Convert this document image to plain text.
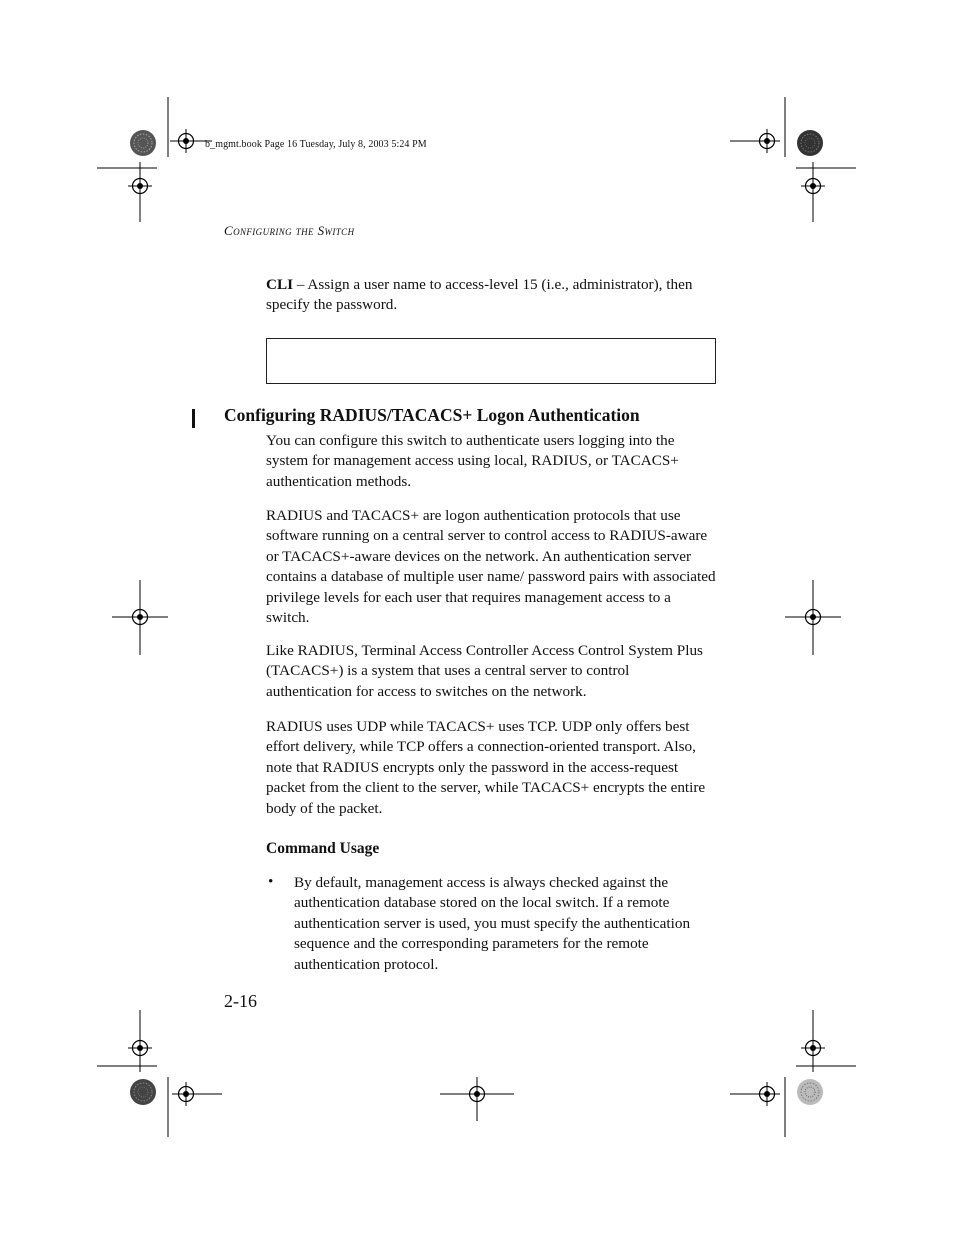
b_mgmt.book Page 16 Tuesday, July 8, 2003 5:24 PM
Configuring the Switch
CLI – Assign a user name to access-level 15 (i.e., administrator), then specify the password.
Configuring RADIUS/TACACS+ Logon Authentication

You can configure this switch to authenticate users logging into the system for management access using local, RADIUS, or TACACS+ authentication methods.

RADIUS and TACACS+ are logon authentication protocols that use software running on a central server to control access to RADIUS-aware or TACACS+-aware devices on the network. An authentication server contains a database of multiple user name/ password pairs with associated privilege levels for each user that requires management access to a switch.

Like RADIUS, Terminal Access Controller Access Control System Plus (TACACS+) is a system that uses a central server to control authentication for access to switches on the network.

RADIUS uses UDP while TACACS+ uses TCP. UDP only offers best effort delivery, while TCP offers a connection-oriented transport. Also, note that RADIUS encrypts only the password in the access-request packet from the client to the server, while TACACS+ encrypts the entire body of the packet.

Command Usage
• By default, management access is always checked against the authentication database stored on the local switch. If a remote authentication server is used, you must specify the authentication sequence and the corresponding parameters for the remote authentication protocol.
2-16
